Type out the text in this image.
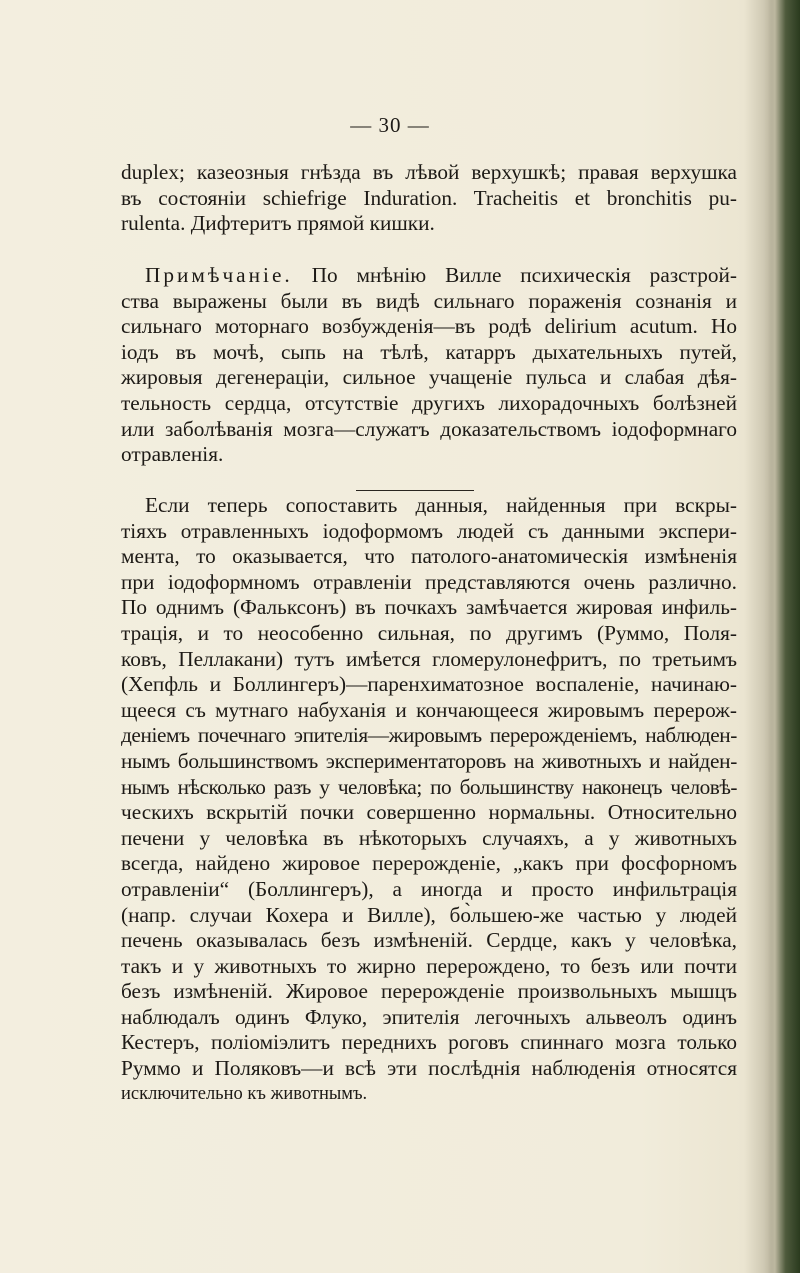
— 30 —
duplex; казеозныя гнѣзда въ лѣвой верхушкѣ; правая верхушка
въ состояніи schiefrige Induration. Tracheitis et bronchitis pu-
rulenta. Дифтеритъ прямой кишки.
Примѣчаніе. По мнѣнію Вилле психическія разстрой-
ства выражены были въ видѣ сильнаго пораженія сознанія и
сильнаго моторнаго возбужденія—въ родѣ delirium acutum. Но
іодъ въ мочѣ, сыпь на тѣлѣ, катарръ дыхательныхъ путей,
жировыя дегенераціи, сильное учащеніе пульса и слабая дѣя-
тельность сердца, отсутствіе другихъ лихорадочныхъ болѣзней
или заболѣванія мозга—служатъ доказательствомъ іодоформнаго
отравленія.
Если теперь сопоставить данныя, найденныя при вскры-
тіяхъ отравленныхъ іодоформомъ людей съ данными экспери-
мента, то оказывается, что патолого-анатомическія измѣненія
при іодоформномъ отравленіи представляются очень различно.
По однимъ (Фальксонъ) въ почкахъ замѣчается жировая инфиль-
трація, и то неособенно сильная, по другимъ (Руммо, Поля-
ковъ, Пеллакани) тутъ имѣется гломерулонефритъ, по третьимъ
(Хепфль и Боллингеръ)—паренхиматозное воспаленіе, начинаю-
щееся съ мутнаго набуханія и кончающееся жировымъ перерож-
деніемъ почечнаго эпителія—жировымъ перерожденіемъ, наблюден-
нымъ большинствомъ экспериментаторовъ на животныхъ и найден-
нымъ нѣсколько разъ у человѣка; по большинству наконецъ человѣ-
ческихъ вскрытій почки совершенно нормальны. Относительно
печени у человѣка въ нѣкоторыхъ случаяхъ, а у животныхъ
всегда, найдено жировое перерожденіе, „какъ при фосфорномъ
отравленіи“ (Боллингеръ), а иногда и просто инфильтрація
(напр. случаи Кохера и Вилле), бо̀льшею-же частью у людей
печень оказывалась безъ измѣненій. Сердце, какъ у человѣка,
такъ и у животныхъ то жирно перерождено, то безъ или почти
безъ измѣненій. Жировое перерожденіе произвольныхъ мышцъ
наблюдалъ одинъ Флуко, эпителія легочныхъ альвеолъ одинъ
Кестеръ, поліоміэлитъ переднихъ роговъ спиннаго мозга только
Руммо и Поляковъ—и всѣ эти послѣднія наблюденія относятся
исключительно къ животнымъ.
